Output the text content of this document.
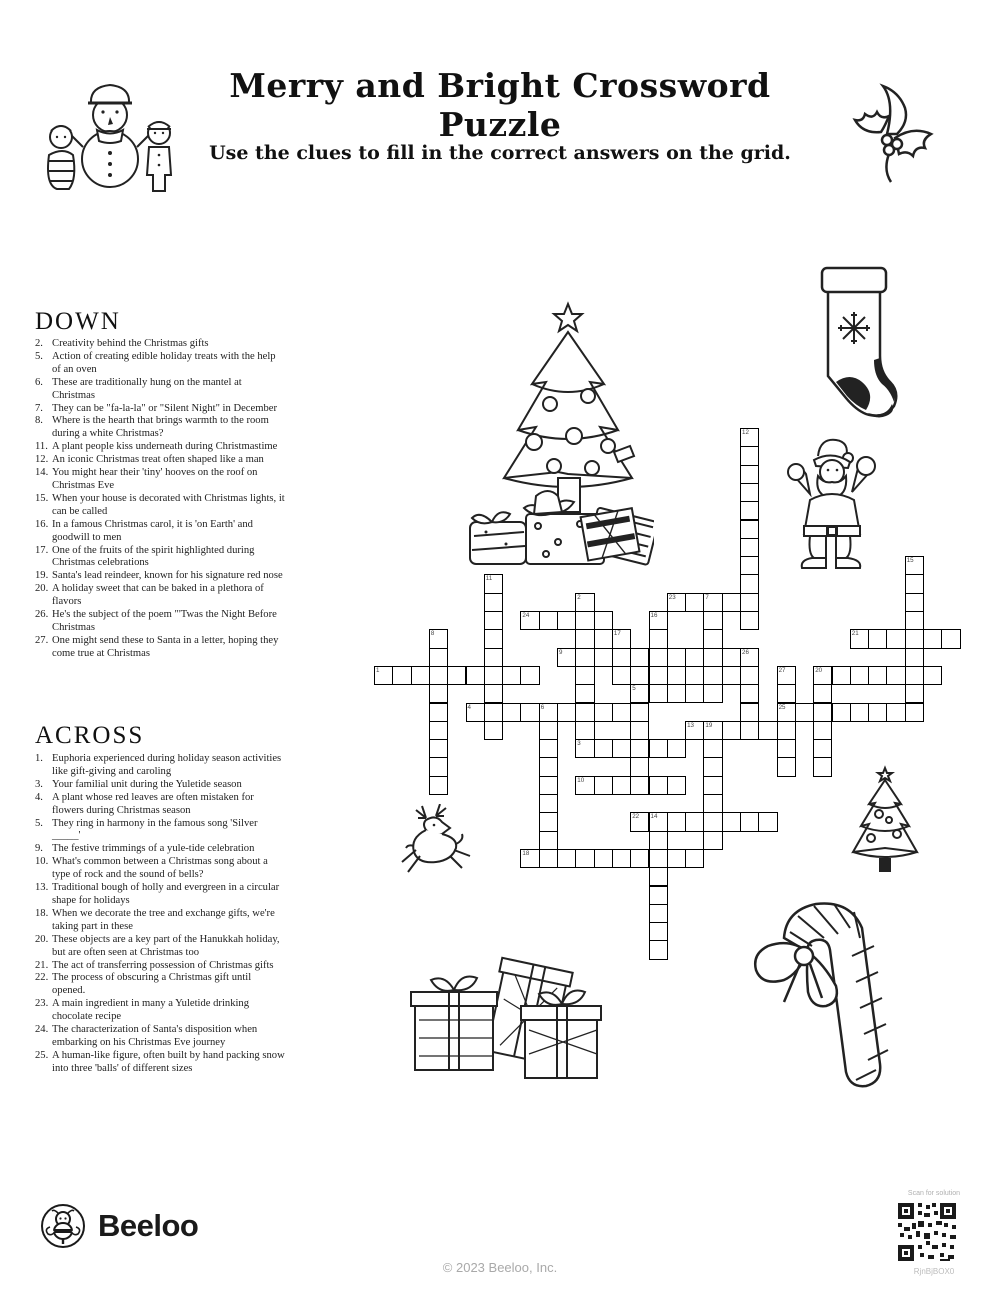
Merry and Bright Crossword Puzzle
Use the clues to fill in the correct answers on the grid.
DOWN
2. Creativity behind the Christmas gifts
5. Action of creating edible holiday treats with the help of an oven
6. These are traditionally hung on the mantel at Christmas
7. They can be "fa-la-la" or "Silent Night" in December
8. Where is the hearth that brings warmth to the room during a white Christmas?
11. A plant people kiss underneath during Christmastime
12. An iconic Christmas treat often shaped like a man
14. You might hear their 'tiny' hooves on the roof on Christmas Eve
15. When your house is decorated with Christmas lights, it can be called
16. In a famous Christmas carol, it is 'on Earth' and goodwill to men
17. One of the fruits of the spirit highlighted during Christmas celebrations
19. Santa's lead reindeer, known for his signature red nose
20. A holiday sweet that can be baked in a plethora of flavors
26. He's the subject of the poem "'Twas the Night Before Christmas
27. One might send these to Santa in a letter, hoping they come true at Christmas
ACROSS
1. Euphoria experienced during holiday season activities like gift-giving and caroling
3. Your familial unit during the Yuletide season
4. A plant whose red leaves are often mistaken for flowers during Christmas season
5. They ring in harmony in the famous song 'Silver _____'
9. The festive trimmings of a yule-tide celebration
10. What's common between a Christmas song about a type of rock and the sound of bells?
13. Traditional bough of holly and evergreen in a circular shape for holidays
18. When we decorate the tree and exchange gifts, we're taking part in these
20. These objects are a key part of the Hanukkah holiday, but are often seen at Christmas too
21. The act of transferring possession of Christmas gifts
22. The process of obscuring a Christmas gift until opened.
23. A main ingredient in many a Yuletide drinking chocolate recipe
24. The characterization of Santa's disposition when embarking on his Christmas Eve journey
25. A human-like figure, often built by hand packing snow into three 'balls' of different sizes
1
24
23	7
21
9	26
20
5
4	6	25
13 19
3
10
22 14
18
12
15
11
2
16
8	17
27
Beeloo
© 2023 Beeloo, Inc.
Scan for solution
RjnBjBOX0
